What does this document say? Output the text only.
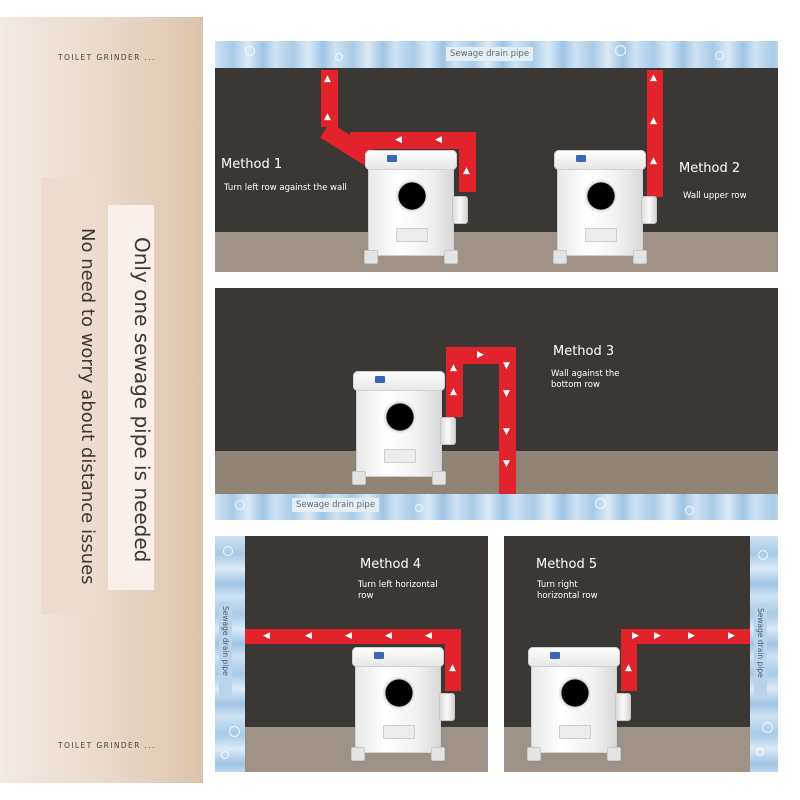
TOILET GRINDER ...
Only one sewage pipe is needed
No need to worry about distance issues
TOILET GRINDER ...
Sewage drain pipe
▲
▲
◀	◀
▲
▲
▲
▲
Method 1
Turn left row against the wall
Method 2
Wall upper row
Sewage drain pipe
▲
▲
▶
▼
▼
▼
▼
Method 3
Wall against the bottom row
Sewage drain pipe	◀	◀	◀	◀	◀
▲
Method 4
Turn left horizontal row
Sewage drain pipe
▲
▶ ▶	▶	▶
Method 5
Turn right horizontal row
